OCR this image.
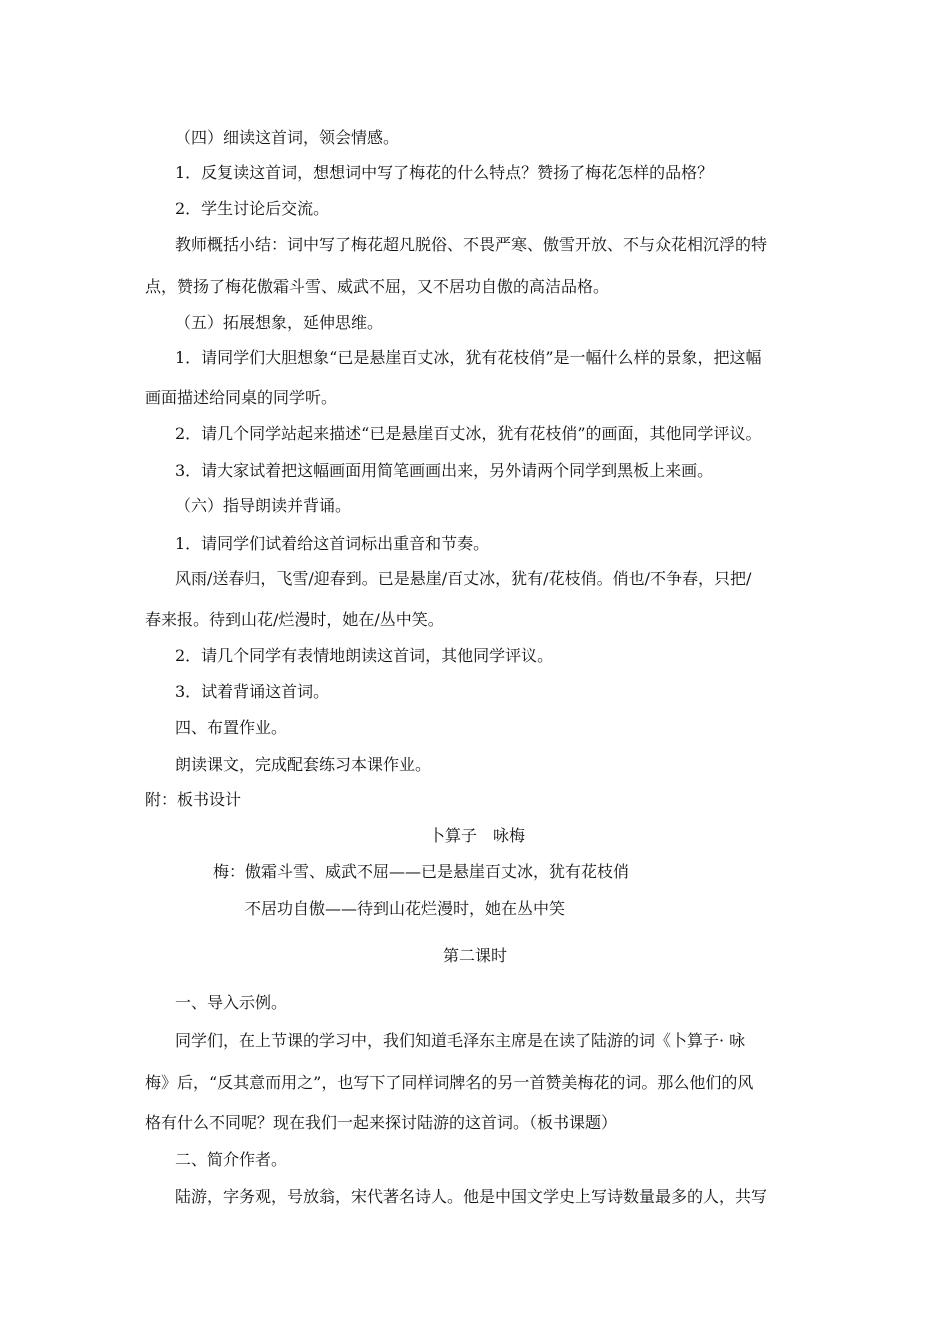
（四）细读这首词，领会情感。
1．反复读这首词，想想词中写了梅花的什么特点？赞扬了梅花怎样的品格？
2．学生讨论后交流。
教师概括小结：词中写了梅花超凡脱俗、不畏严寒、傲雪开放、不与众花相沉浮的特
点，赞扬了梅花傲霜斗雪、威武不屈，又不居功自傲的高洁品格。
（五）拓展想象，延伸思维。
1．请同学们大胆想象“已是悬崖百丈冰，犹有花枝俏”是一幅什么样的景象，把这幅
画面描述给同桌的同学听。
2．请几个同学站起来描述“已是悬崖百丈冰，犹有花枝俏”的画面，其他同学评议。
3．请大家试着把这幅画面用简笔画画出来，另外请两个同学到黑板上来画。
（六）指导朗读并背诵。
1．请同学们试着给这首词标出重音和节奏。
风雨/送春归，飞雪/迎春到。已是悬崖/百丈冰，犹有/花枝俏。俏也/不争春，只把/
春来报。待到山花/烂漫时，她在/丛中笑。
2．请几个同学有表情地朗读这首词，其他同学评议。
3．试着背诵这首词。
四、布置作业。
朗读课文，完成配套练习本课作业。
附：板书设计
卜算子　咏梅
梅：傲霜斗雪、威武不屈——已是悬崖百丈冰，犹有花枝俏
不居功自傲——待到山花烂漫时，她在丛中笑
第二课时
一、导入示例。
同学们，在上节课的学习中，我们知道毛泽东主席是在读了陆游的词《卜算子· 咏
梅》后，“反其意而用之”，也写下了同样词牌名的另一首赞美梅花的词。那么他们的风
格有什么不同呢？现在我们一起来探讨陆游的这首词。（板书课题）
二、简介作者。
陆游，字务观，号放翁，宋代著名诗人。他是中国文学史上写诗数量最多的人，共写
